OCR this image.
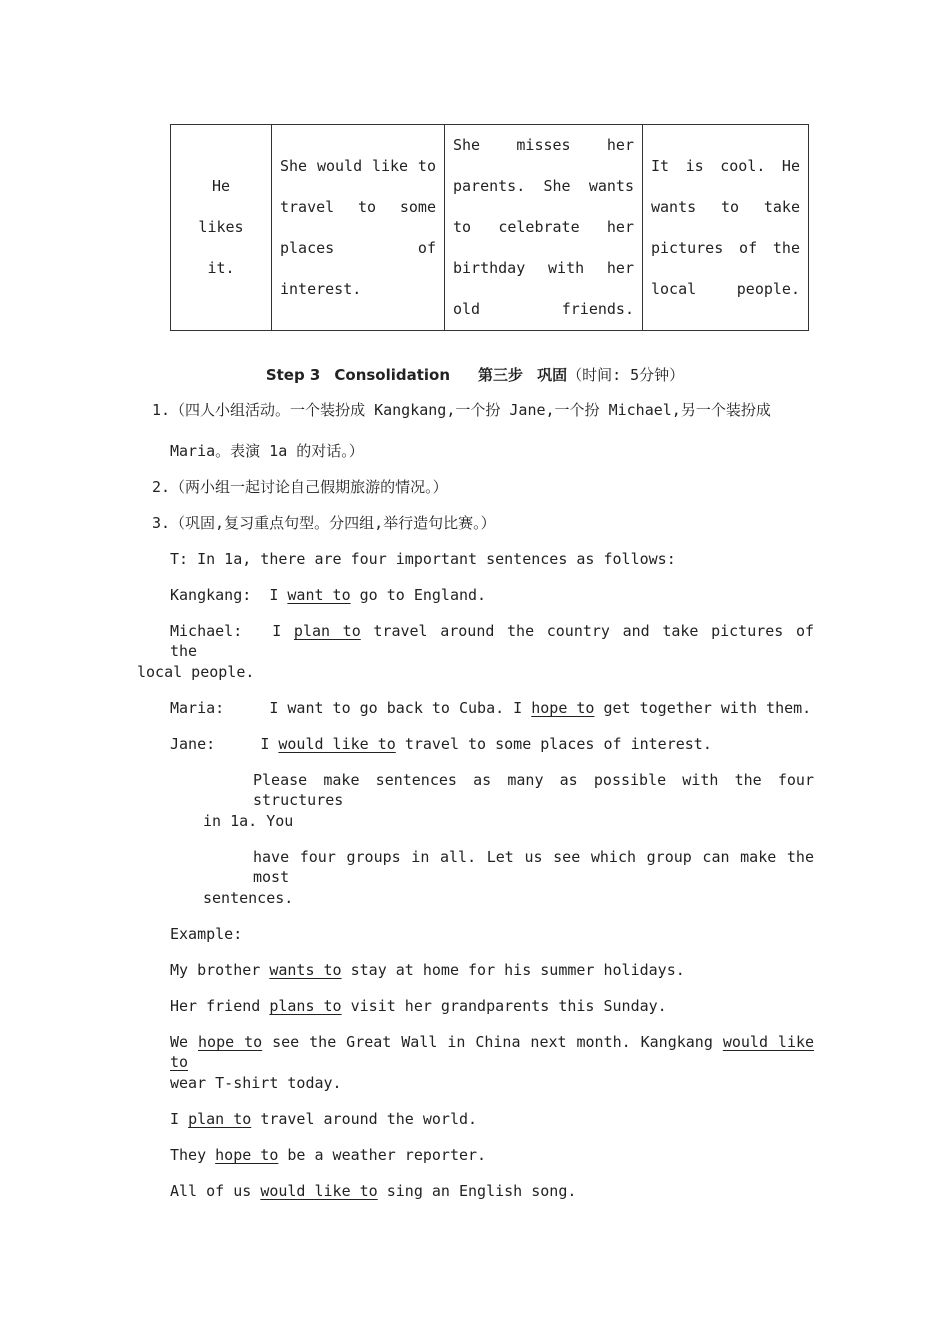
He likes it.	She would like to travel to some places of interest.	She misses her parents. She wants to celebrate her birthday with her old friends.	It is cool. He wants to take pictures of the local people.
Step 3 Consolidation 第三步 巩固（时间: 5分钟）
1.（四人小组活动。一个装扮成 Kangkang,一个扮 Jane,一个扮 Michael,另一个装扮成
Maria。表演 1a 的对话。）
2.（两小组一起讨论自己假期旅游的情况。）
3.（巩固,复习重点句型。分四组,举行造句比赛。）
T: In 1a, there are four important sentences as follows:
Kangkang: I want to go to England.
Michael: I plan to travel around the country and take pictures of the
local people.
Maria:	I want to go back to Cuba. I hope to get together with them.
Jane:	I would like to travel to some places of interest.
Please make sentences as many as possible with the four structures
in 1a. You
have four groups in all. Let us see which group can make the most
sentences.
Example:
My brother wants to stay at home for his summer holidays.
Her friend plans to visit her grandparents this Sunday.
We hope to see the Great Wall in China next month. Kangkang would like to
wear T-shirt today.
I plan to travel around the world.
They hope to be a weather reporter.
All of us would like to sing an English song.
